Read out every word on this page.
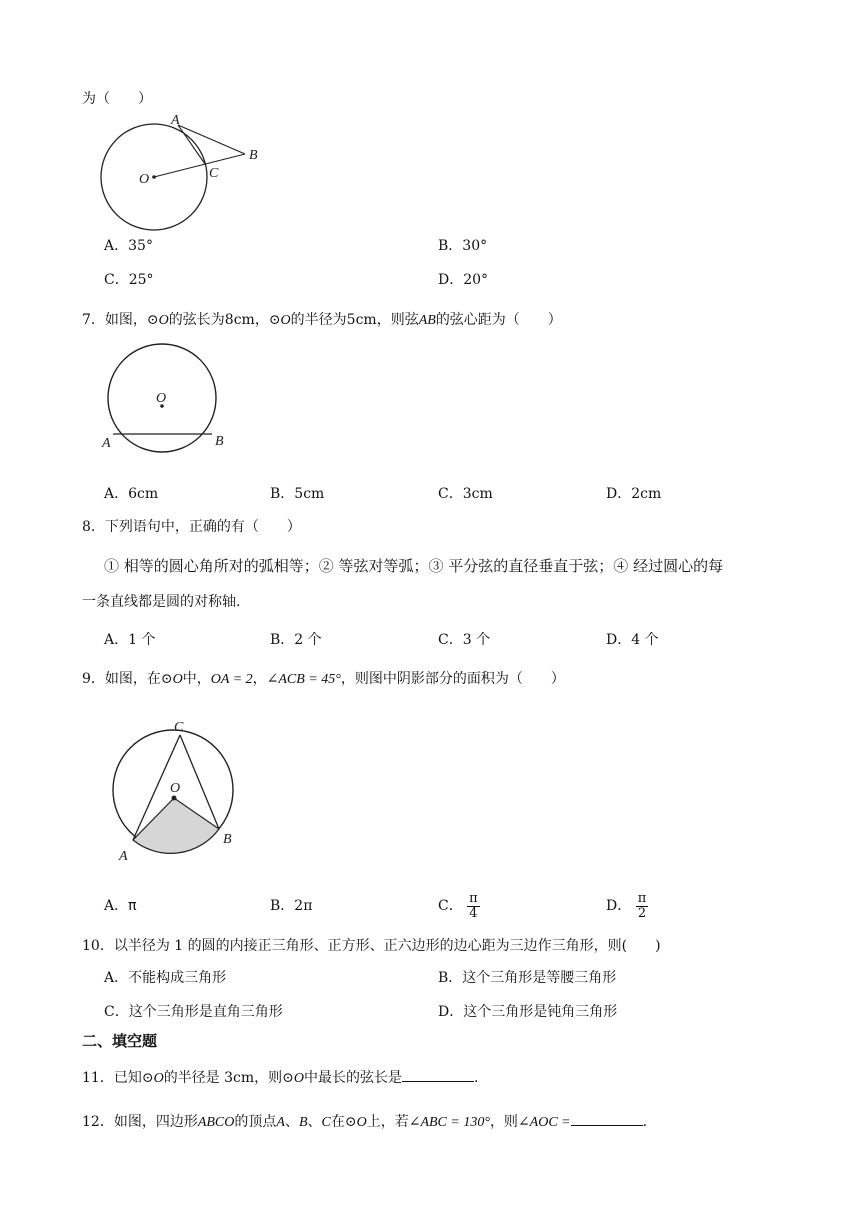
为（　　）
A
B
C
O
A．35°	B．30°
C．25°	D．20°
7．如图，⊙O的弦长为8cm，⊙O的半径为5cm，则弦AB的弦心距为（　　）
O
A	B
A．6cm	B．5cm	C．3cm	D．2cm
8．下列语句中，正确的有（　　）
① 相等的圆心角所对的弧相等；② 等弦对等弧；③ 平分弦的直径垂直于弦；④ 经过圆心的每
一条直线都是圆的对称轴.
A．1 个	B．2 个	C．3 个	D．4 个
9．如图，在⊙O中，OA = 2，∠ACB = 45°，则图中阴影部分的面积为（　　）
C
O
A
B
A．π	B．2π	C． $\frac{\pi}{4}$	D． $\frac{\pi}{2}$
10．以半径为 1 的圆的内接正三角形、正方形、正六边形的边心距为三边作三角形，则(　　)
A．不能构成三角形	B．这个三角形是等腰三角形
C．这个三角形是直角三角形	D．这个三角形是钝角三角形
二、填空题
11．已知⊙O的半径是 3cm，则⊙O中最长的弦长是	.
12．如图，四边形ABCO的顶点A、B、C在⊙O上，若∠ABC = 130°，则∠AOC =	.
